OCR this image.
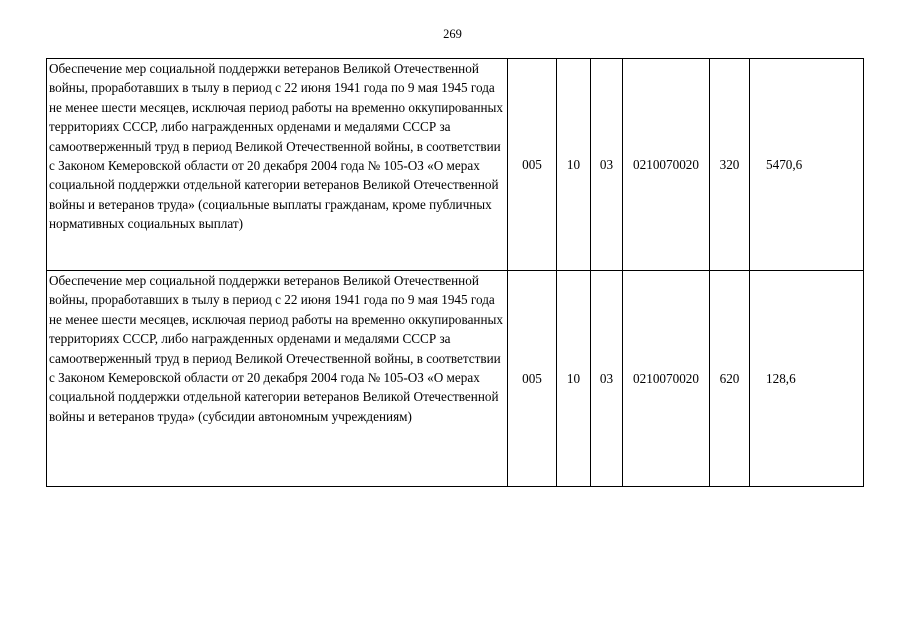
269
Обеспечение мер социальной поддержки ветеранов Великой Отечественной войны, проработавших в тылу в период с 22 июня 1941 года по 9 мая 1945 года не менее шести месяцев, исключая период работы на временно оккупированных территориях СССР, либо награжденных орденами и медалями СССР за самоотверженный труд в период Великой Отечественной войны, в соответствии с Законом Кемеровской области от 20 декабря 2004 года № 105-ОЗ «О мерах социальной поддержки отдельной категории ветеранов Великой Отечественной войны и ветеранов труда» (социальные выплаты гражданам, кроме публичных нормативных социальных выплат)	005	10	03	0210070020	320	5470,6
Обеспечение мер социальной поддержки ветеранов Великой Отечественной войны, проработавших в тылу в период с 22 июня 1941 года по 9 мая 1945 года не менее шести месяцев, исключая период работы на временно оккупированных территориях СССР, либо награжденных орденами и медалями СССР за самоотверженный труд в период Великой Отечественной войны, в соответствии с Законом Кемеровской области от 20 декабря 2004 года № 105-ОЗ «О мерах социальной поддержки отдельной категории ветеранов Великой Отечественной войны и ветеранов труда» (субсидии автономным учреждениям)	005	10	03	0210070020	620	128,6
